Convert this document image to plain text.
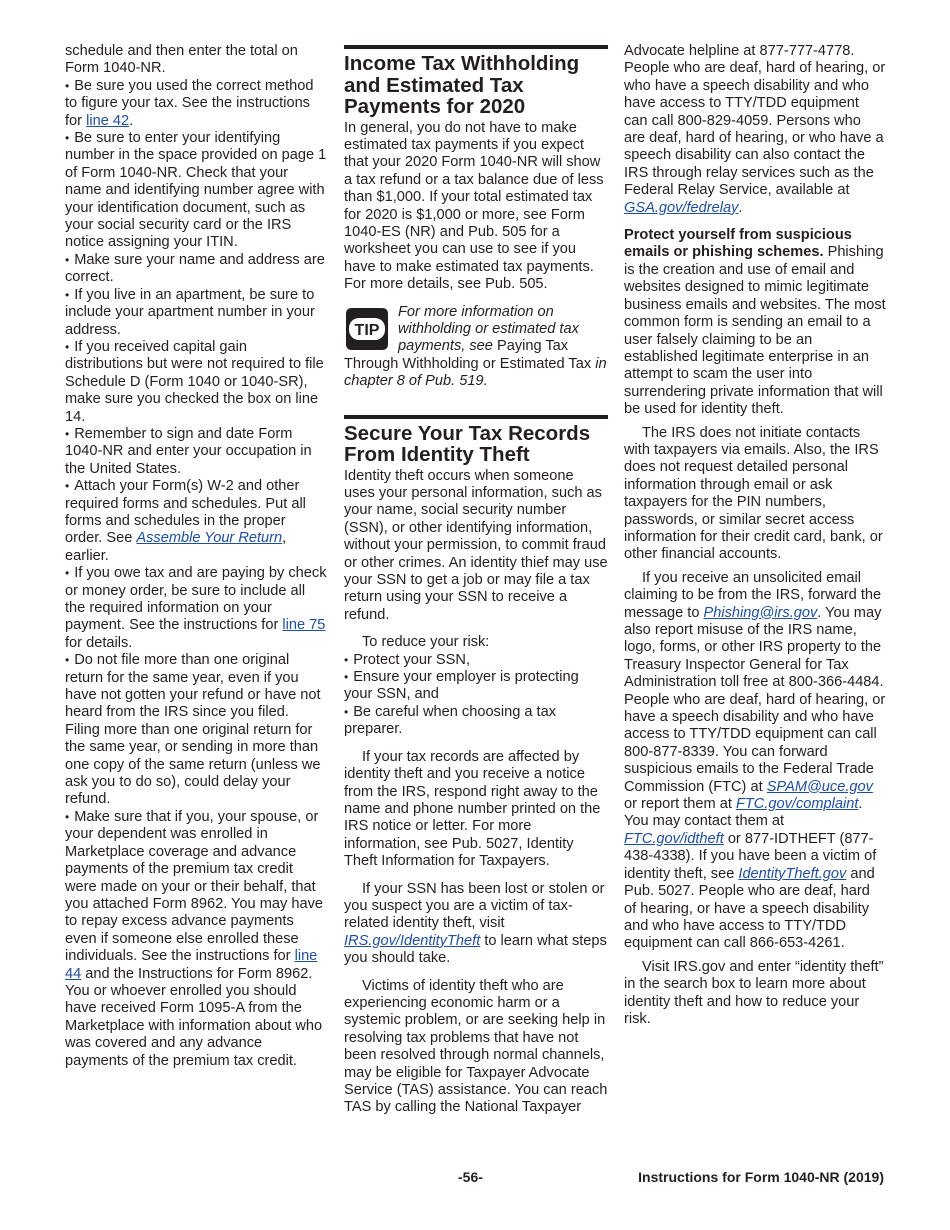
schedule and then enter the total on Form 1040-NR.

• Be sure you used the correct method to figure your tax. See the instructions for line 42.

• Be sure to enter your identifying number in the space provided on page 1 of Form 1040-NR. Check that your name and identifying number agree with your identification document, such as your social security card or the IRS notice assigning your ITIN.

• Make sure your name and address are correct.

• If you live in an apartment, be sure to include your apartment number in your address.

• If you received capital gain distributions but were not required to file Schedule D (Form 1040 or 1040-SR), make sure you checked the box on line 14.

• Remember to sign and date Form 1040-NR and enter your occupation in the United States.

• Attach your Form(s) W-2 and other required forms and schedules. Put all forms and schedules in the proper order. See Assemble Your Return, earlier.

• If you owe tax and are paying by check or money order, be sure to include all the required information on your payment. See the instructions for line 75 for details.

• Do not file more than one original return for the same year, even if you have not gotten your refund or have not heard from the IRS since you filed. Filing more than one original return for the same year, or sending in more than one copy of the same return (unless we ask you to do so), could delay your refund.

• Make sure that if you, your spouse, or your dependent was enrolled in Marketplace coverage and advance payments of the premium tax credit were made on your or their behalf, that you attached Form 8962. You may have to repay excess advance payments even if someone else enrolled these individuals. See the instructions for line 44 and the Instructions for Form 8962. You or whoever enrolled you should have received Form 1095-A from the Marketplace with information about who was covered and any advance payments of the premium tax credit.

Income Tax Withholding and Estimated Tax Payments for 2020

In general, you do not have to make estimated tax payments if you expect that your 2020 Form 1040-NR will show a tax refund or a tax balance due of less than $1,000. If your total estimated tax for 2020 is $1,000 or more, see Form 1040-ES (NR) and Pub. 505 for a worksheet you can use to see if you have to make estimated tax payments. For more details, see Pub. 505.

TIP

For more information on withholding or estimated tax payments, see Paying Tax Through Withholding or Estimated Tax in chapter 8 of Pub. 519.

Secure Your Tax Records From Identity Theft

Identity theft occurs when someone uses your personal information, such as your name, social security number (SSN), or other identifying information, without your permission, to commit fraud or other crimes. An identity thief may use your SSN to get a job or may file a tax return using your SSN to receive a refund.

To reduce your risk:

• Protect your SSN,

• Ensure your employer is protecting your SSN, and

• Be careful when choosing a tax preparer.

If your tax records are affected by identity theft and you receive a notice from the IRS, respond right away to the name and phone number printed on the IRS notice or letter. For more information, see Pub. 5027, Identity Theft Information for Taxpayers.

If your SSN has been lost or stolen or you suspect you are a victim of tax-related identity theft, visit IRS.gov/IdentityTheft to learn what steps you should take.

Victims of identity theft who are experiencing economic harm or a systemic problem, or are seeking help in resolving tax problems that have not been resolved through normal channels, may be eligible for Taxpayer Advocate Service (TAS) assistance. You can reach TAS by calling the National Taxpayer

Advocate helpline at 877-777-4778. People who are deaf, hard of hearing, or who have a speech disability and who have access to TTY/TDD equipment can call 800-829-4059. Persons who are deaf, hard of hearing, or who have a speech disability can also contact the IRS through relay services such as the Federal Relay Service, available at GSA.gov/fedrelay.

Protect yourself from suspicious emails or phishing schemes. Phishing is the creation and use of email and websites designed to mimic legitimate business emails and websites. The most common form is sending an email to a user falsely claiming to be an established legitimate enterprise in an attempt to scam the user into surrendering private information that will be used for identity theft.

The IRS does not initiate contacts with taxpayers via emails. Also, the IRS does not request detailed personal information through email or ask taxpayers for the PIN numbers, passwords, or similar secret access information for their credit card, bank, or other financial accounts.

If you receive an unsolicited email claiming to be from the IRS, forward the message to Phishing@irs.gov. You may also report misuse of the IRS name, logo, forms, or other IRS property to the Treasury Inspector General for Tax Administration toll free at 800-366-4484. People who are deaf, hard of hearing, or have a speech disability and who have access to TTY/TDD equipment can call 800-877-8339. You can forward suspicious emails to the Federal Trade Commission (FTC) at SPAM@uce.gov or report them at FTC.gov/complaint. You may contact them at FTC.gov/idtheft or 877-IDTHEFT (877-438-4338). If you have been a victim of identity theft, see IdentityTheft.gov and Pub. 5027. People who are deaf, hard of hearing, or have a speech disability and who have access to TTY/TDD equipment can call 866-653-4261.

Visit IRS.gov and enter “identity theft” in the search box to learn more about identity theft and how to reduce your risk.

-56-	Instructions for Form 1040-NR (2019)
